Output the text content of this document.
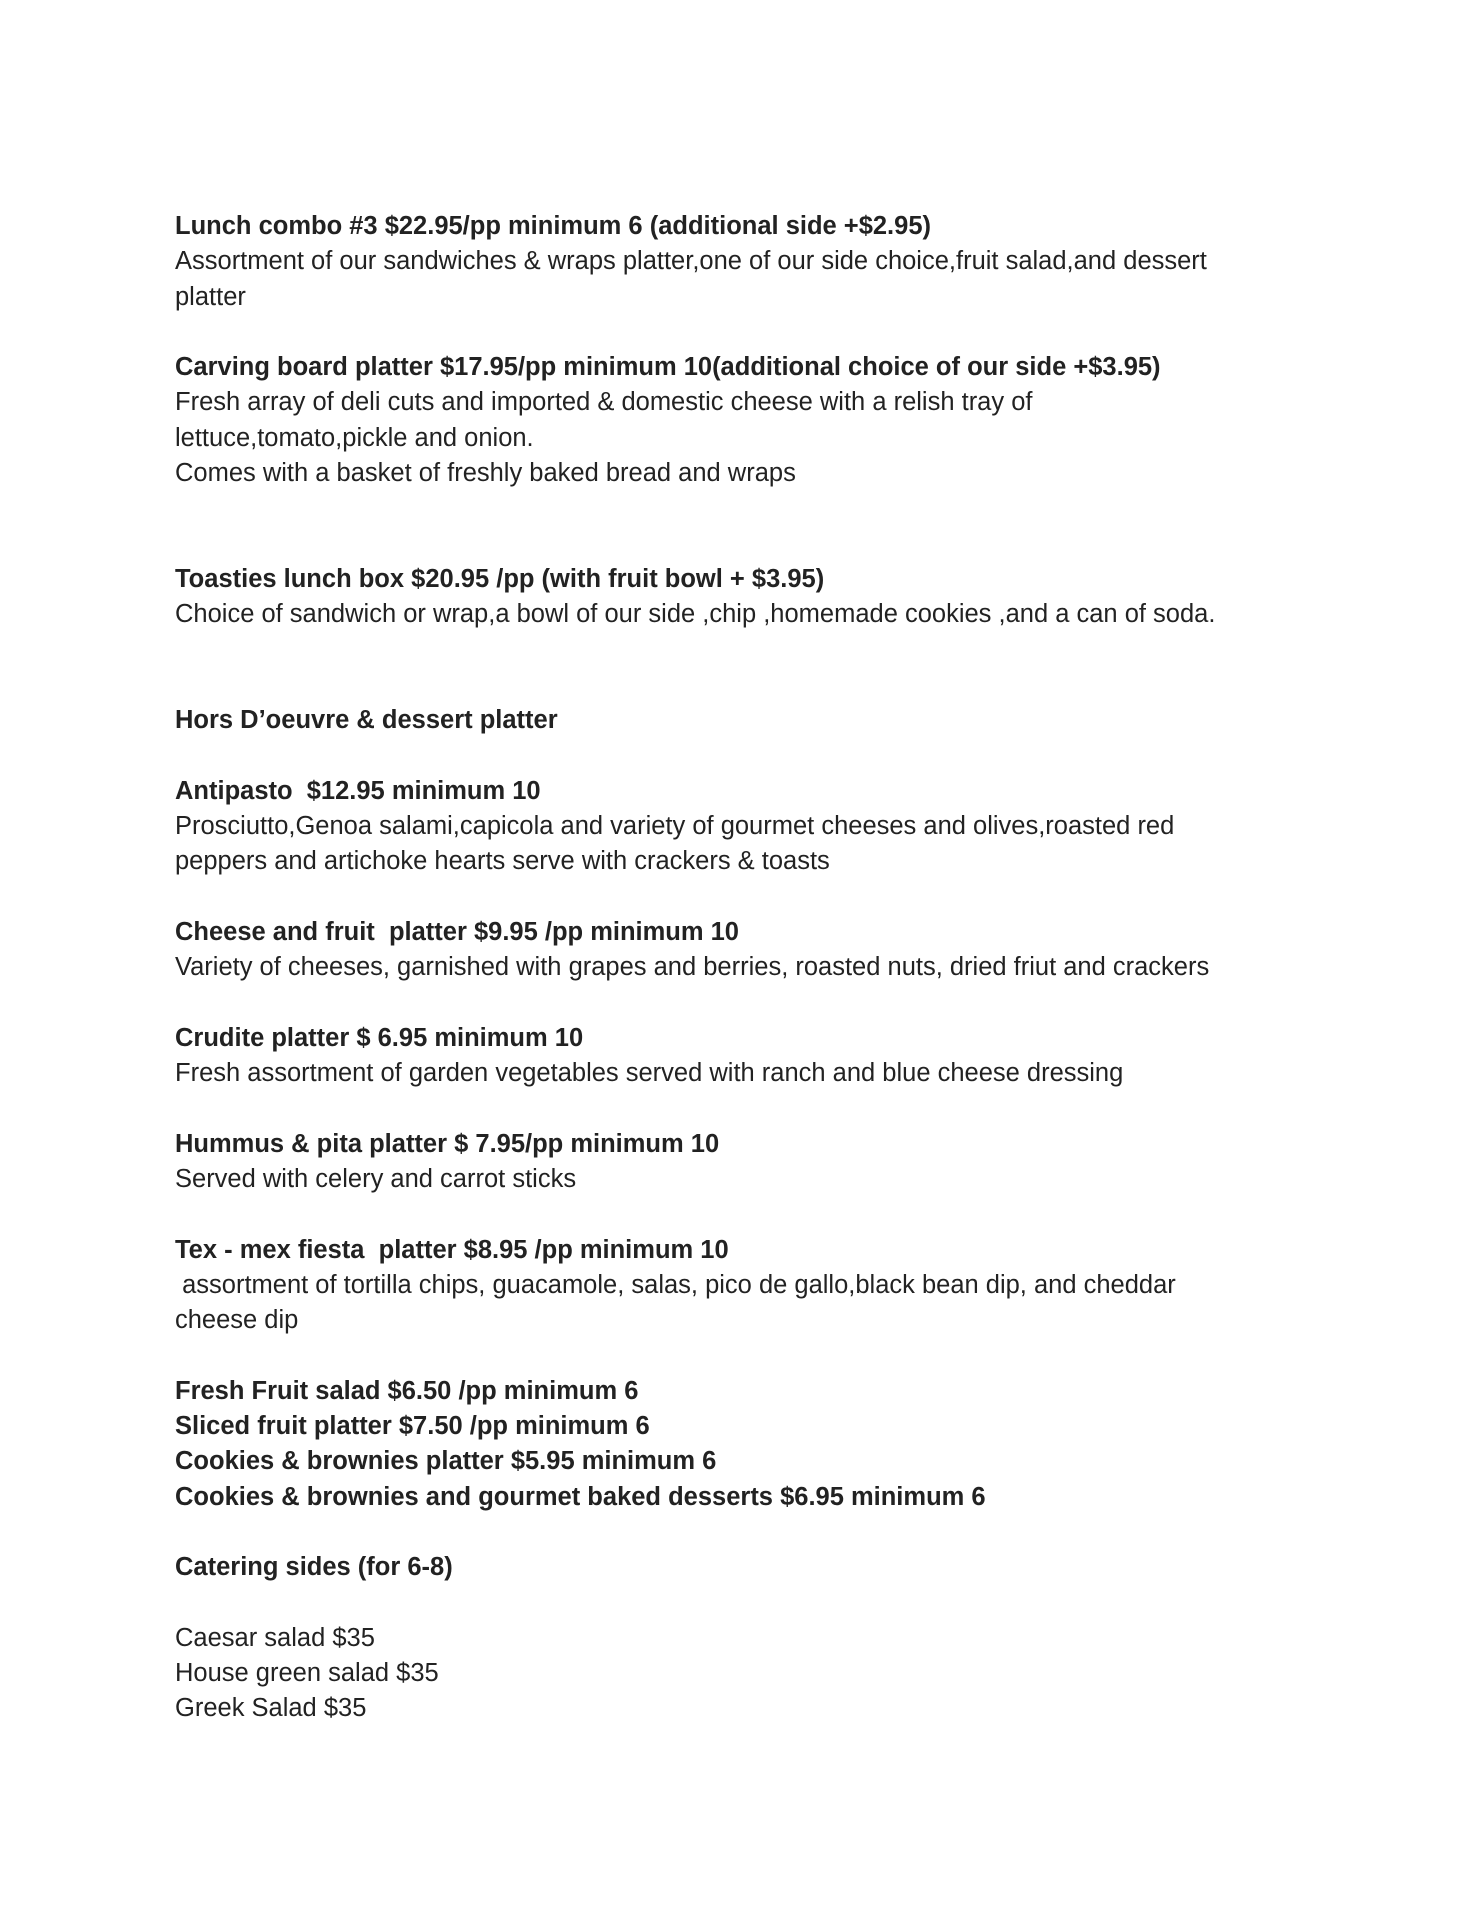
Lunch combo #3 $22.95/pp minimum 6 (additional side +$2.95)

Assortment of our sandwiches & wraps platter,one of our side choice,fruit salad,and dessert

platter

Carving board platter $17.95/pp minimum 10(additional choice of our side +$3.95)

Fresh array of deli cuts and imported & domestic cheese with a relish tray of

lettuce,tomato,pickle and onion.

Comes with a basket of freshly baked bread and wraps

Toasties lunch box $20.95 /pp (with fruit bowl + $3.95)

Choice of sandwich or wrap,a bowl of our side ,chip ,homemade cookies ,and a can of soda.

Hors D’oeuvre & dessert platter

Antipasto  $12.95 minimum 10

Prosciutto,Genoa salami,capicola and variety of gourmet cheeses and olives,roasted red

peppers and artichoke hearts serve with crackers & toasts

Cheese and fruit  platter $9.95 /pp minimum 10

Variety of cheeses, garnished with grapes and berries, roasted nuts, dried friut and crackers

Crudite platter $ 6.95 minimum 10

Fresh assortment of garden vegetables served with ranch and blue cheese dressing

Hummus & pita platter $ 7.95/pp minimum 10

Served with celery and carrot sticks

Tex - mex fiesta  platter $8.95 /pp minimum 10

assortment of tortilla chips, guacamole, salas, pico de gallo,black bean dip, and cheddar

cheese dip

Fresh Fruit salad $6.50 /pp minimum 6

Sliced fruit platter $7.50 /pp minimum 6

Cookies & brownies platter $5.95 minimum 6

Cookies & brownies and gourmet baked desserts $6.95 minimum 6

Catering sides (for 6-8)

Caesar salad $35

House green salad $35

Greek Salad $35
